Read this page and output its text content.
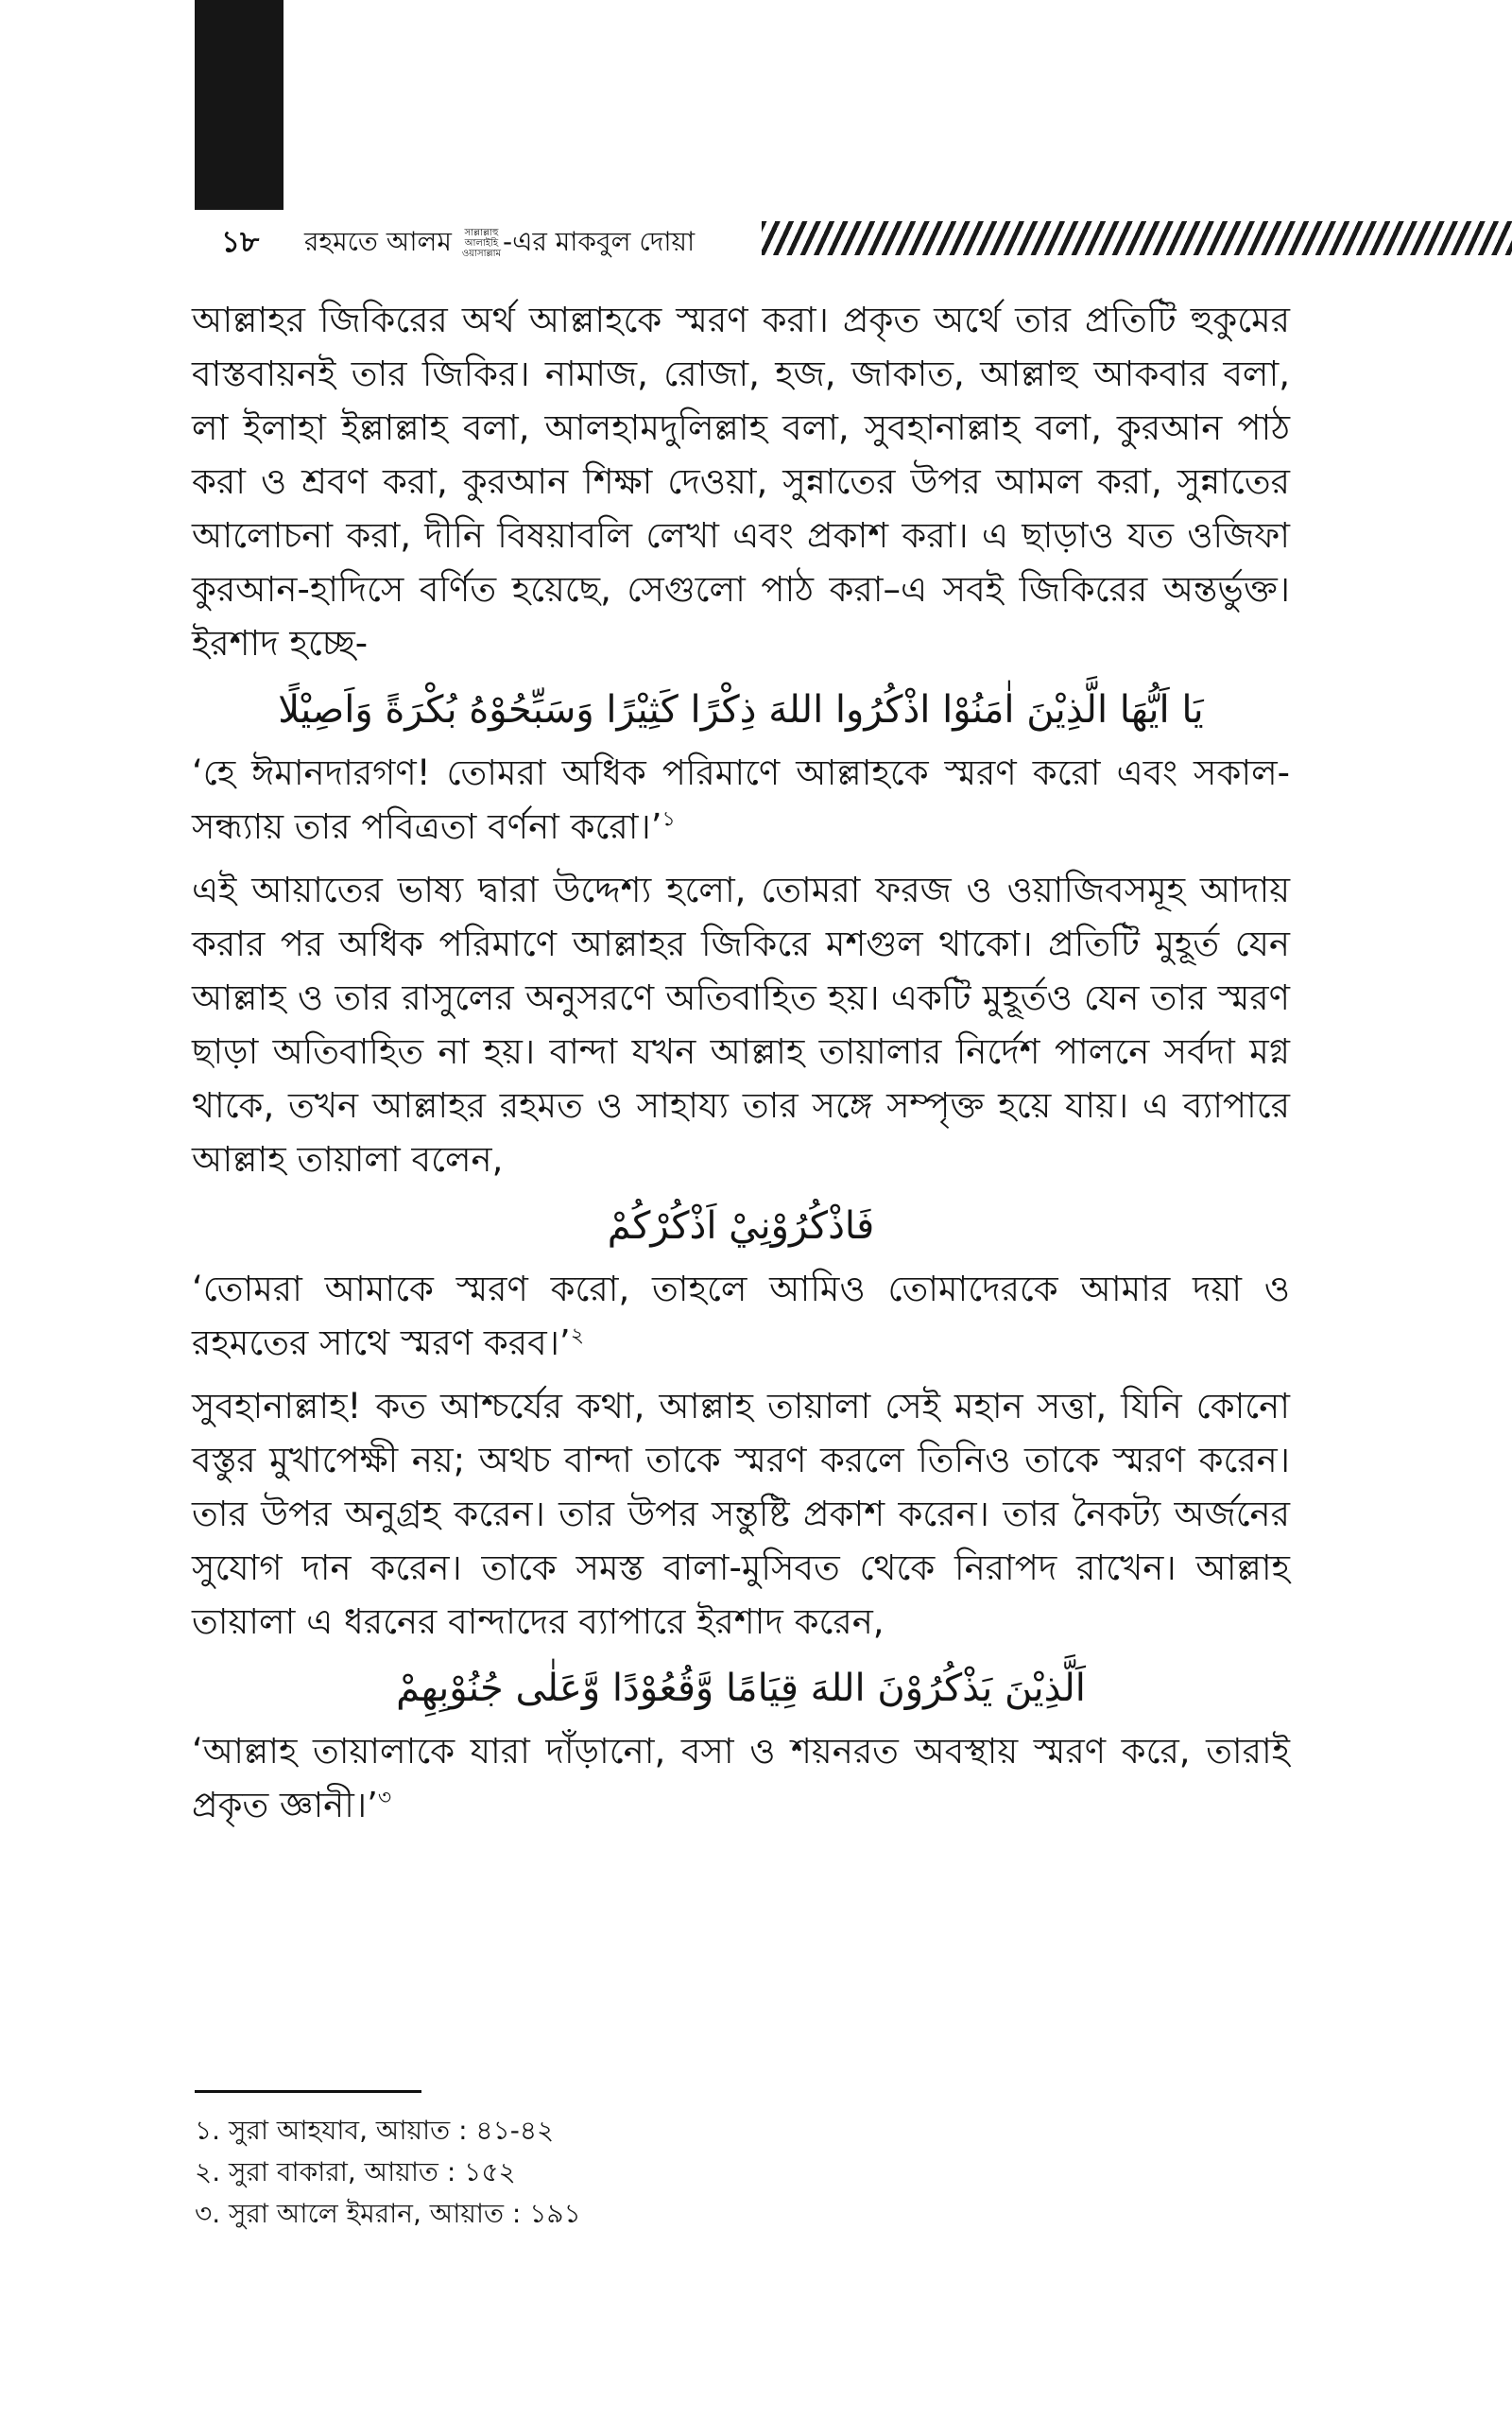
১৮ রহমতে আলম সাল্লাল্লাহু
আলাইহি
ওয়াসাল্লাম-এর মাকবুল দোয়া

আল্লাহর জিকিরের অর্থ আল্লাহকে স্মরণ করা। প্রকৃত অর্থে তার প্রতিটি হুকুমের বাস্তবায়নই তার জিকির। নামাজ, রোজা, হজ, জাকাত, আল্লাহু আকবার বলা, লা ইলাহা ইল্লাল্লাহ বলা, আলহামদুলিল্লাহ বলা, সুবহানাল্লাহ বলা, কুরআন পাঠ করা ও শ্রবণ করা, কুরআন শিক্ষা দেওয়া, সুন্নাতের উপর আমল করা, সুন্নাতের আলোচনা করা, দীনি বিষয়াবলি লেখা এবং প্রকাশ করা। এ ছাড়াও যত ওজিফা কুরআন-হাদিসে বর্ণিত হয়েছে, সেগুলো পাঠ করা–এ সবই জিকিরের অন্তর্ভুক্ত। ইরশাদ হচ্ছে-

يَا اَيُّهَا الَّذِيْنَ اٰمَنُوْا اذْكُرُوا اللهَ ذِكْرًا كَثِيْرًا وَسَبِّحُوْهُ بُكْرَةً وَاَصِيْلًا

‘হে ঈমানদারগণ! তোমরা অধিক পরিমাণে আল্লাহকে স্মরণ করো এবং সকাল-সন্ধ্যায় তার পবিত্রতা বর্ণনা করো।’$^১$

এই আয়াতের ভাষ্য দ্বারা উদ্দেশ্য হলো, তোমরা ফরজ ও ওয়াজিবসমূহ আদায় করার পর অধিক পরিমাণে আল্লাহর জিকিরে মশগুল থাকো। প্রতিটি মুহূর্ত যেন আল্লাহ ও তার রাসুলের অনুসরণে অতিবাহিত হয়। একটি মুহূর্তও যেন তার স্মরণ ছাড়া অতিবাহিত না হয়। বান্দা যখন আল্লাহ তায়ালার নির্দেশ পালনে সর্বদা মগ্ন থাকে, তখন আল্লাহর রহমত ও সাহায্য তার সঙ্গে সম্পৃক্ত হয়ে যায়। এ ব্যাপারে আল্লাহ তায়ালা বলেন,

فَاذْكُرُوْنِيْ اَذْكُرْكُمْ

‘তোমরা আমাকে স্মরণ করো, তাহলে আমিও তোমাদেরকে আমার দয়া ও রহমতের সাথে স্মরণ করব।’$^২$

সুবহানাল্লাহ! কত আশ্চর্যের কথা, আল্লাহ তায়ালা সেই মহান সত্তা, যিনি কোনো বস্তুর মুখাপেক্ষী নয়; অথচ বান্দা তাকে স্মরণ করলে তিনিও তাকে স্মরণ করেন। তার উপর অনুগ্রহ করেন। তার উপর সন্তুষ্টি প্রকাশ করেন। তার নৈকট্য অর্জনের সুযোগ দান করেন। তাকে সমস্ত বালা-মুসিবত থেকে নিরাপদ রাখেন। আল্লাহ তায়ালা এ ধরনের বান্দাদের ব্যাপারে ইরশাদ করেন,

اَلَّذِيْنَ يَذْكُرُوْنَ اللهَ قِيَامًا وَّقُعُوْدًا وَّعَلٰى جُنُوْبِهِمْ

‘আল্লাহ তায়ালাকে যারা দাঁড়ানো, বসা ও শয়নরত অবস্থায় স্মরণ করে, তারাই প্রকৃত জ্ঞানী।’$^৩$

১. সুরা আহযাব, আয়াত : ৪১-৪২
২. সুরা বাকারা, আয়াত : ১৫২
৩. সুরা আলে ইমরান, আয়াত : ১৯১
